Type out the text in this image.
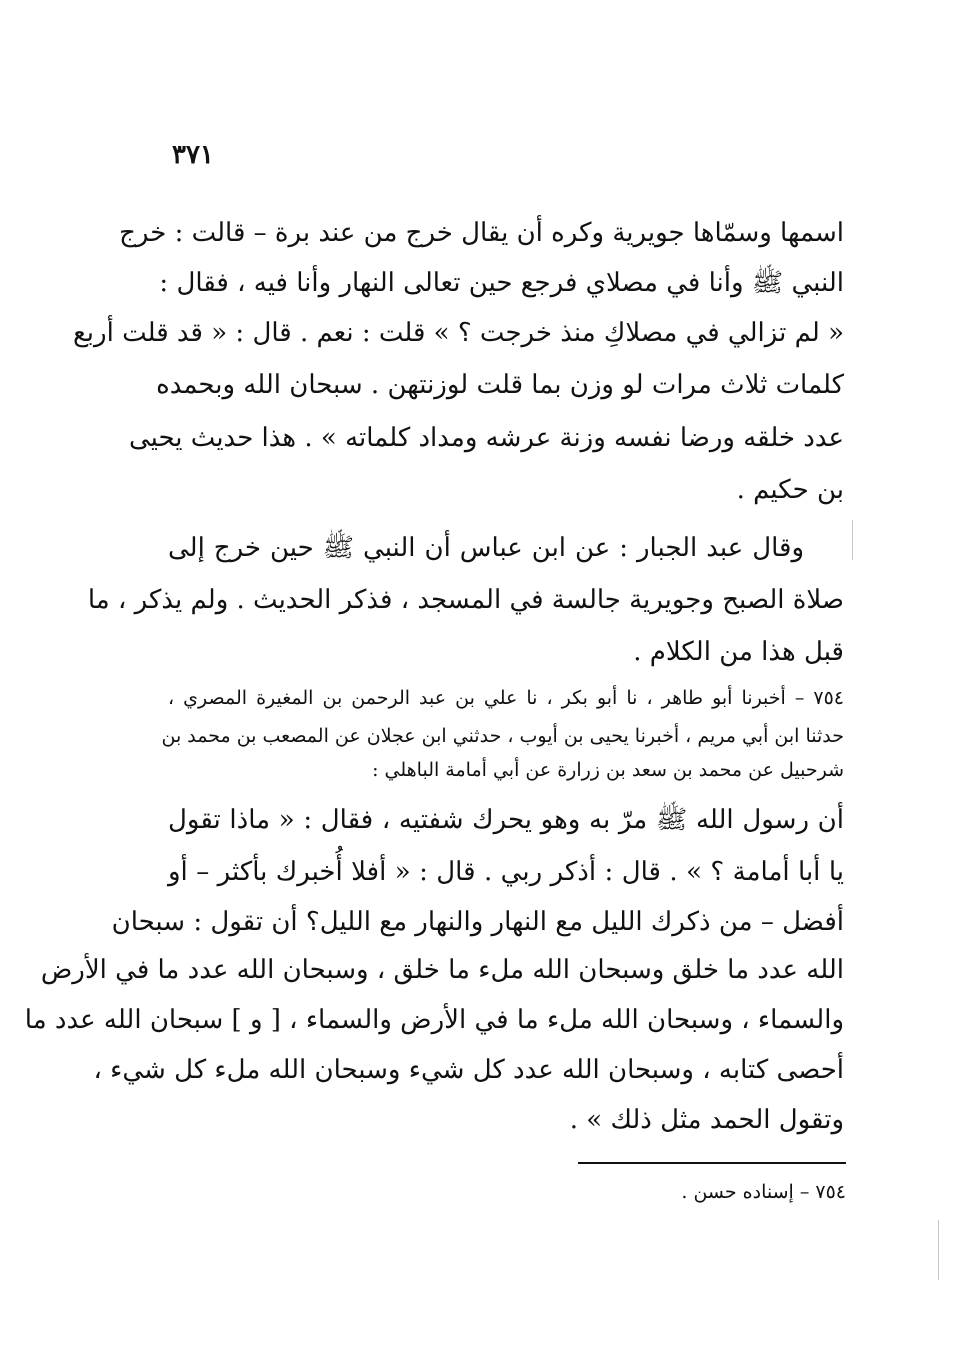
٣٧١
اسمها وسمّاها جويرية وكره أن يقال خرج من عند برة – قالت : خرج
النبي ﷺ وأنا في مصلاي فرجع حين تعالى النهار وأنا فيه ، فقال :
« لم تزالي في مصلاكِ منذ خرجت ؟ » قلت : نعم . قال : « قد قلت أربع
كلمات ثلاث مرات لو وزن بما قلت لوزنتهن . سبحان الله وبحمده
عدد خلقه ورضا نفسه وزنة عرشه ومداد كلماته » . هذا حديث يحيى
بن حكيم .
وقال عبد الجبار : عن ابن عباس أن النبي ﷺ حين خرج إلى
صلاة الصبح وجويرية جالسة في المسجد ، فذكر الحديث . ولم يذكر ، ما
قبل هذا من الكلام .
٧٥٤ – أخبرنا أبو طاهر ، نا أبو بكر ، نا علي بن عبد الرحمن بن المغيرة المصري ،
حدثنا ابن أبي مريم ، أخبرنا يحيى بن أيوب ، حدثني ابن عجلان عن المصعب بن محمد بن
شرحبيل عن محمد بن سعد بن زرارة عن أبي أمامة الباهلي :
أن رسول الله ﷺ مرّ به وهو يحرك شفتيه ، فقال : « ماذا تقول
يا أبا أمامة ؟ » . قال : أذكر ربي . قال : « أفلا أُخبرك بأكثر – أو
أفضل – من ذكرك الليل مع النهار والنهار مع الليل؟ أن تقول : سبحان
الله عدد ما خلق وسبحان الله ملء ما خلق ، وسبحان الله عدد ما في الأرض
والسماء ، وسبحان الله ملء ما في الأرض والسماء ، [ و ] سبحان الله عدد ما
أحصى كتابه ، وسبحان الله عدد كل شيء وسبحان الله ملء كل شيء ،
وتقول الحمد مثل ذلك » .
٧٥٤ – إسناده حسن .
